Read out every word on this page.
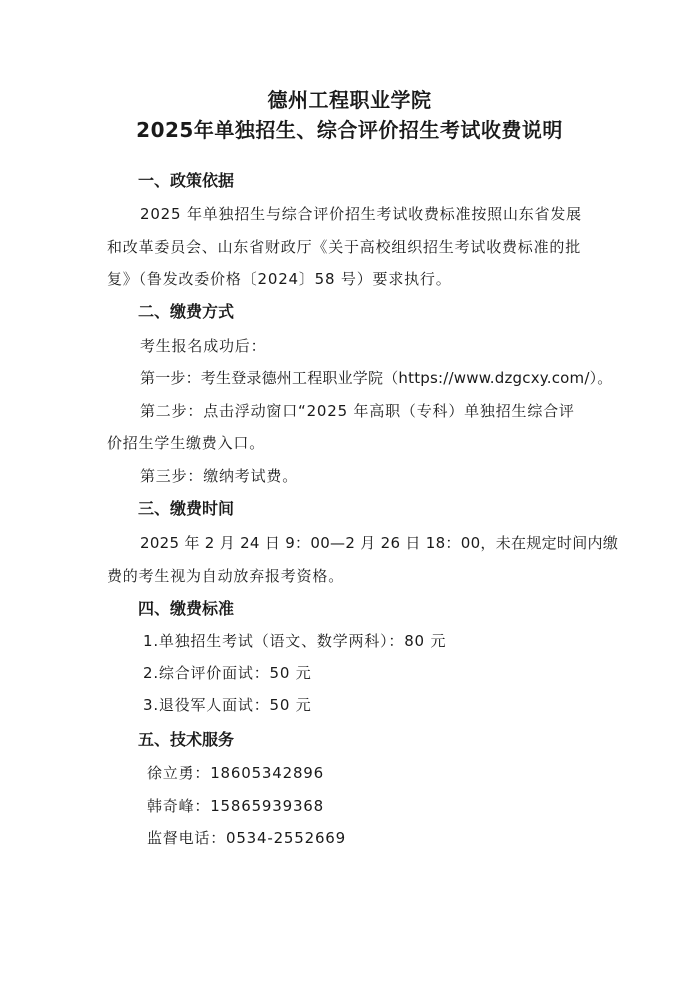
德州工程职业学院
2025年单独招生、综合评价招生考试收费说明
一、政策依据
2025 年单独招生与综合评价招生考试收费标准按照山东省发展
和改革委员会、山东省财政厅《关于高校组织招生考试收费标准的批
复》（鲁发改委价格〔2024〕58 号）要求执行。
二、缴费方式
考生报名成功后：
第一步：考生登录德州工程职业学院（https://www.dzgcxy.com/）。
第二步：点击浮动窗口“2025 年高职（专科）单独招生综合评
价招生学生缴费入口。
第三步：缴纳考试费。
三、缴费时间
2025 年 2 月 24 日 9：00—2 月 26 日 18：00，未在规定时间内缴
费的考生视为自动放弃报考资格。
四、缴费标准
1.单独招生考试（语文、数学两科）：80 元
2.综合评价面试：50 元
3.退役军人面试：50 元
五、技术服务
徐立勇：18605342896
韩奇峰：15865939368
监督电话：0534-2552669
